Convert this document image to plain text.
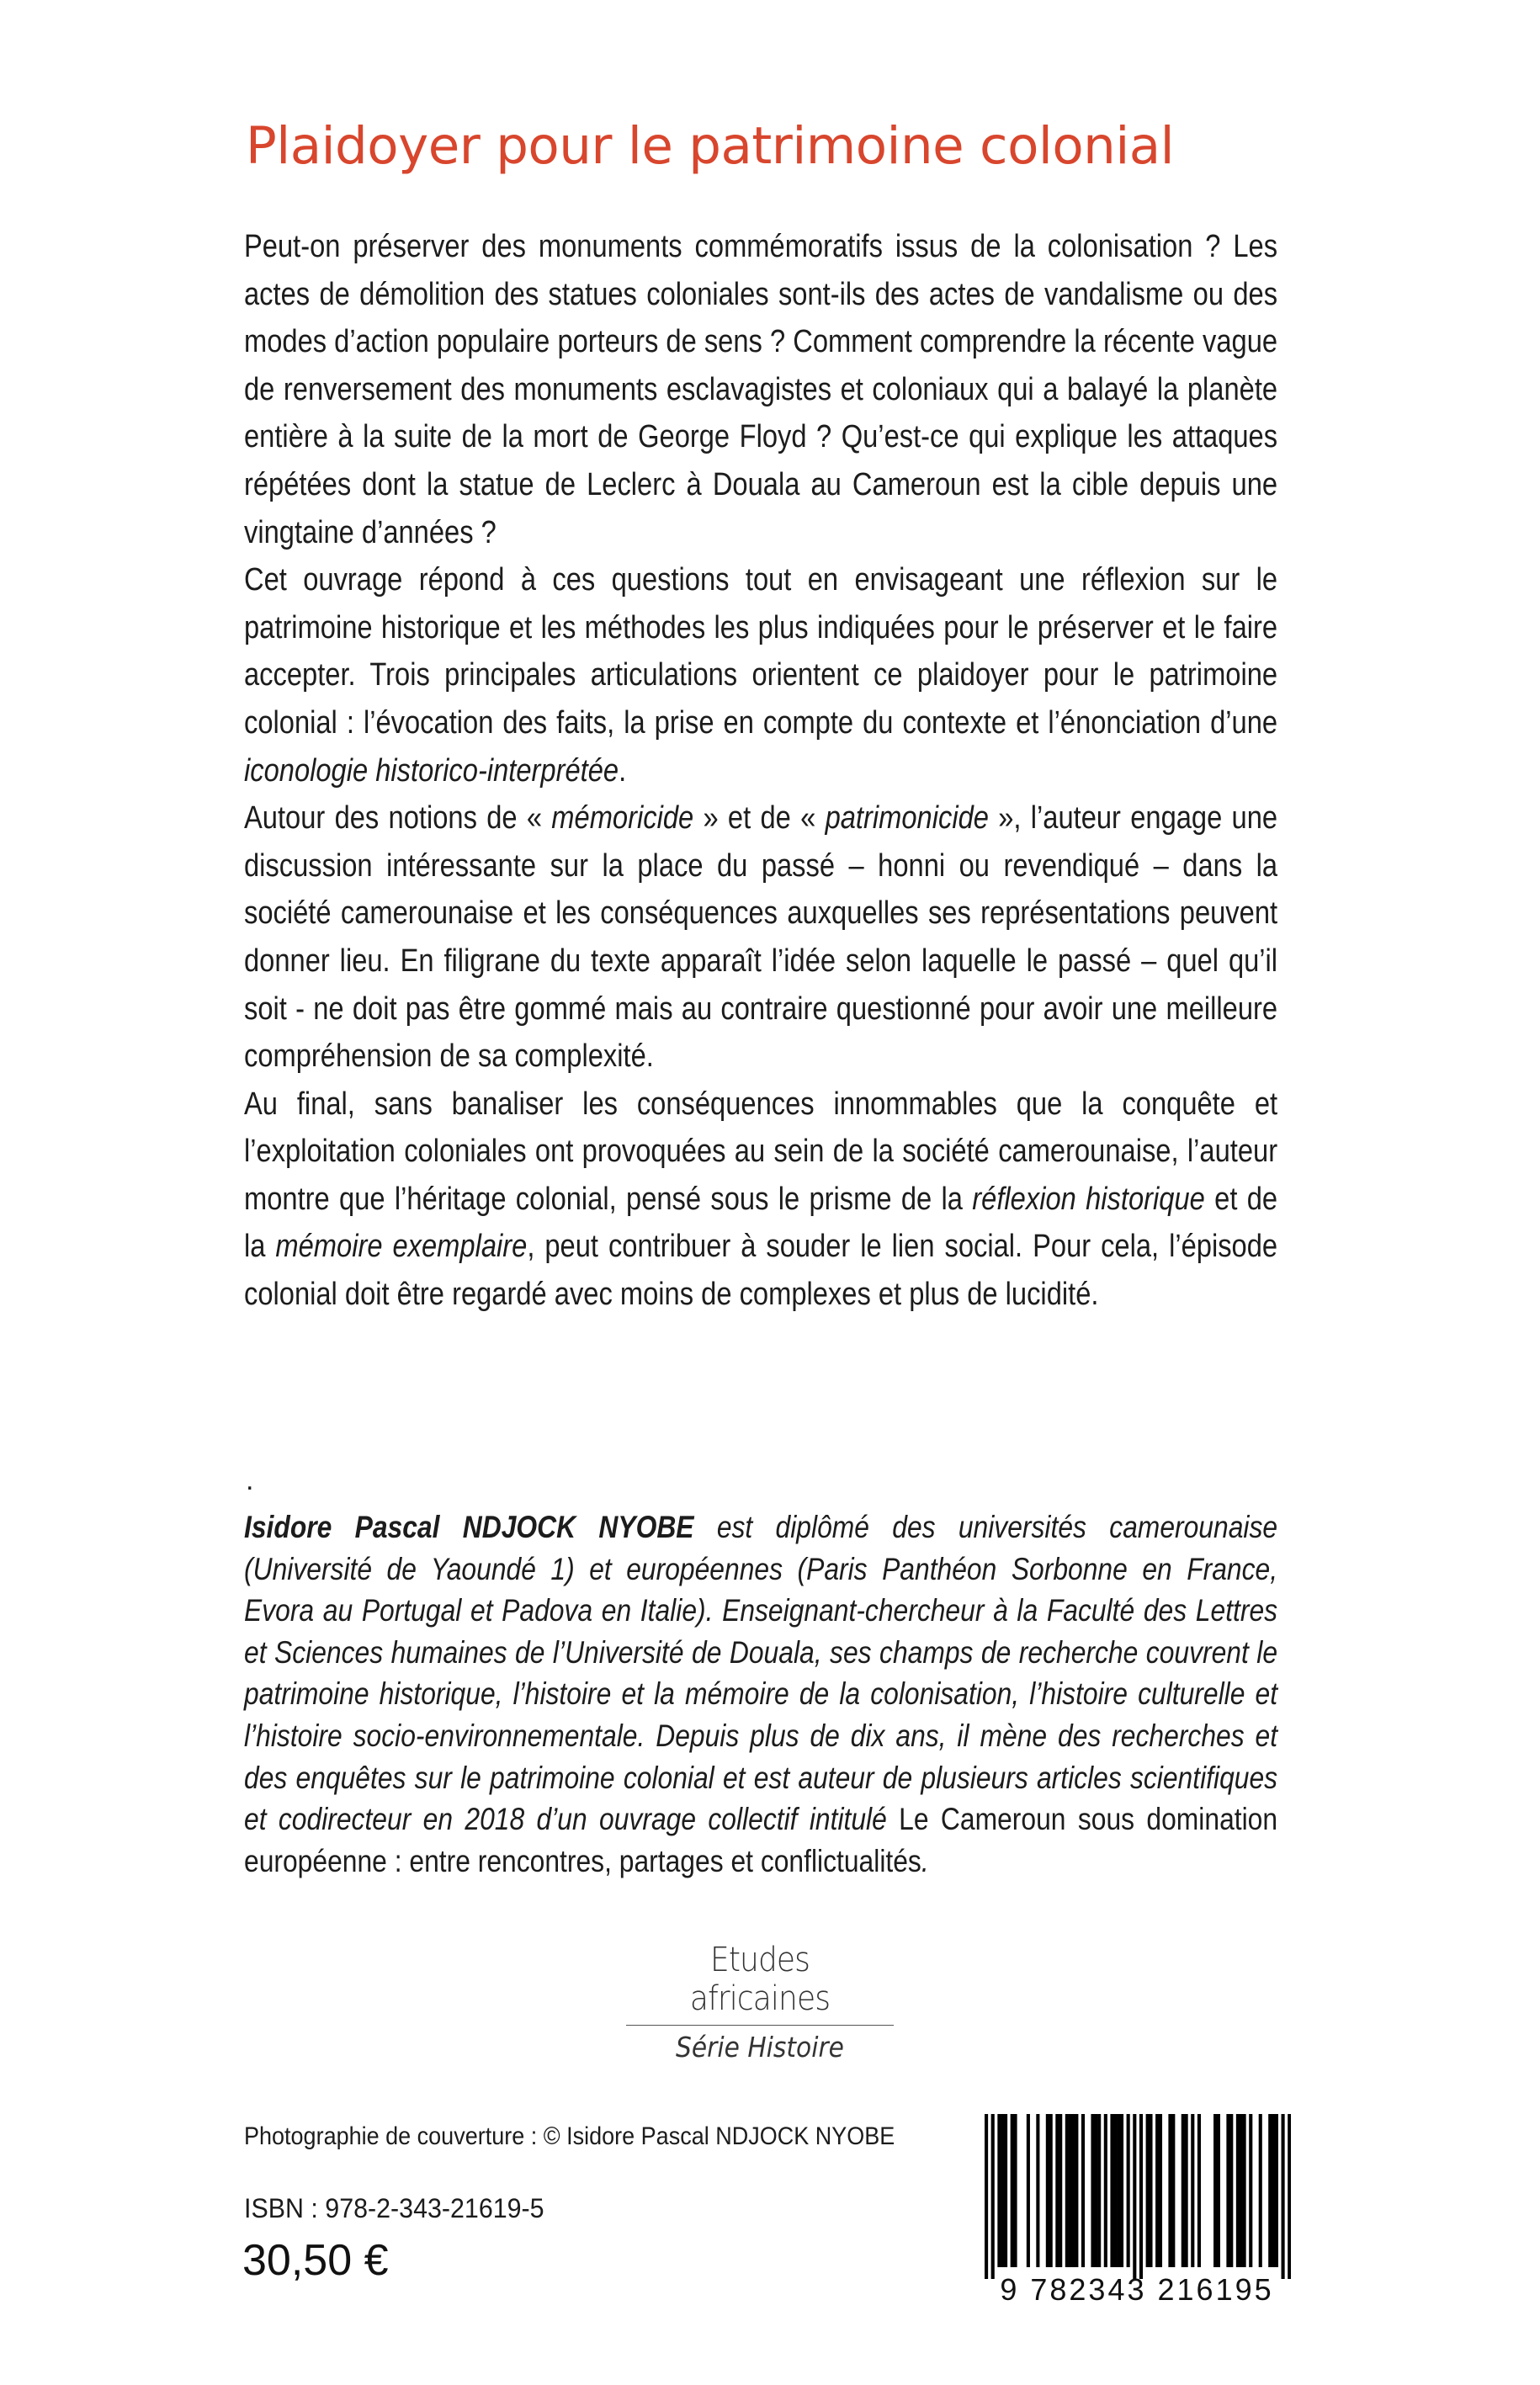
Plaidoyer pour le patrimoine colonial

Peut-on préserver des monuments commémoratifs issus de la colonisation ? Les actes de démolition des statues coloniales sont-ils des actes de vandalisme ou des modes d’action populaire porteurs de sens ? Comment comprendre la récente vague de renversement des monuments esclavagistes et coloniaux qui a balayé la planète entière à la suite de la mort de George Floyd ? Qu’est-ce qui explique les attaques répétées dont la statue de Leclerc à Douala au Cameroun est la cible depuis une vingtaine d’années ?

Cet ouvrage répond à ces questions tout en envisageant une réflexion sur le patrimoine historique et les méthodes les plus indiquées pour le préserver et le faire accepter. Trois principales articulations orientent ce plaidoyer pour le patrimoine colonial : l’évocation des faits, la prise en compte du contexte et l’énonciation d’une iconologie historico-interprétée.

Autour des notions de « mémoricide » et de « patrimonicide », l’auteur engage une discussion intéressante sur la place du passé – honni ou revendiqué – dans la société camerounaise et les conséquences auxquelles ses représentations peuvent donner lieu. En filigrane du texte apparaît l’idée selon laquelle le passé – quel qu’il soit - ne doit pas être gommé mais au contraire questionné pour avoir une meilleure compréhension de sa complexité.

Au final, sans banaliser les conséquences innommables que la conquête et l’exploitation coloniales ont provoquées au sein de la société camerounaise, l’auteur montre que l’héritage colonial, pensé sous le prisme de la réflexion historique et de la mémoire exemplaire, peut contribuer à souder le lien social. Pour cela, l’épisode colonial doit être regardé avec moins de complexes et plus de lucidité.

.

Isidore Pascal NDJOCK NYOBE est diplômé des universités camerounaise (Université de Yaoundé 1) et européennes (Paris Panthéon Sorbonne en France, Evora au Portugal et Padova en Italie). Enseignant-chercheur à la Faculté des Lettres et Sciences humaines de l’Université de Douala, ses champs de recherche couvrent le patrimoine historique, l’histoire et la mémoire de la colonisation, l’histoire culturelle et l’histoire socio-environnementale. Depuis plus de dix ans, il mène des recherches et des enquêtes sur le patrimoine colonial et est auteur de plusieurs articles scientifiques et codirecteur en 2018 d’un ouvrage collectif intitulé Le Cameroun sous domination européenne : entre rencontres, partages et conflictualités.

Etudes africaines
Série Histoire
Photographie de couverture : © Isidore Pascal NDJOCK NYOBE
ISBN : 978-2-343-21619-5
30,50 €
9 782343 216195
